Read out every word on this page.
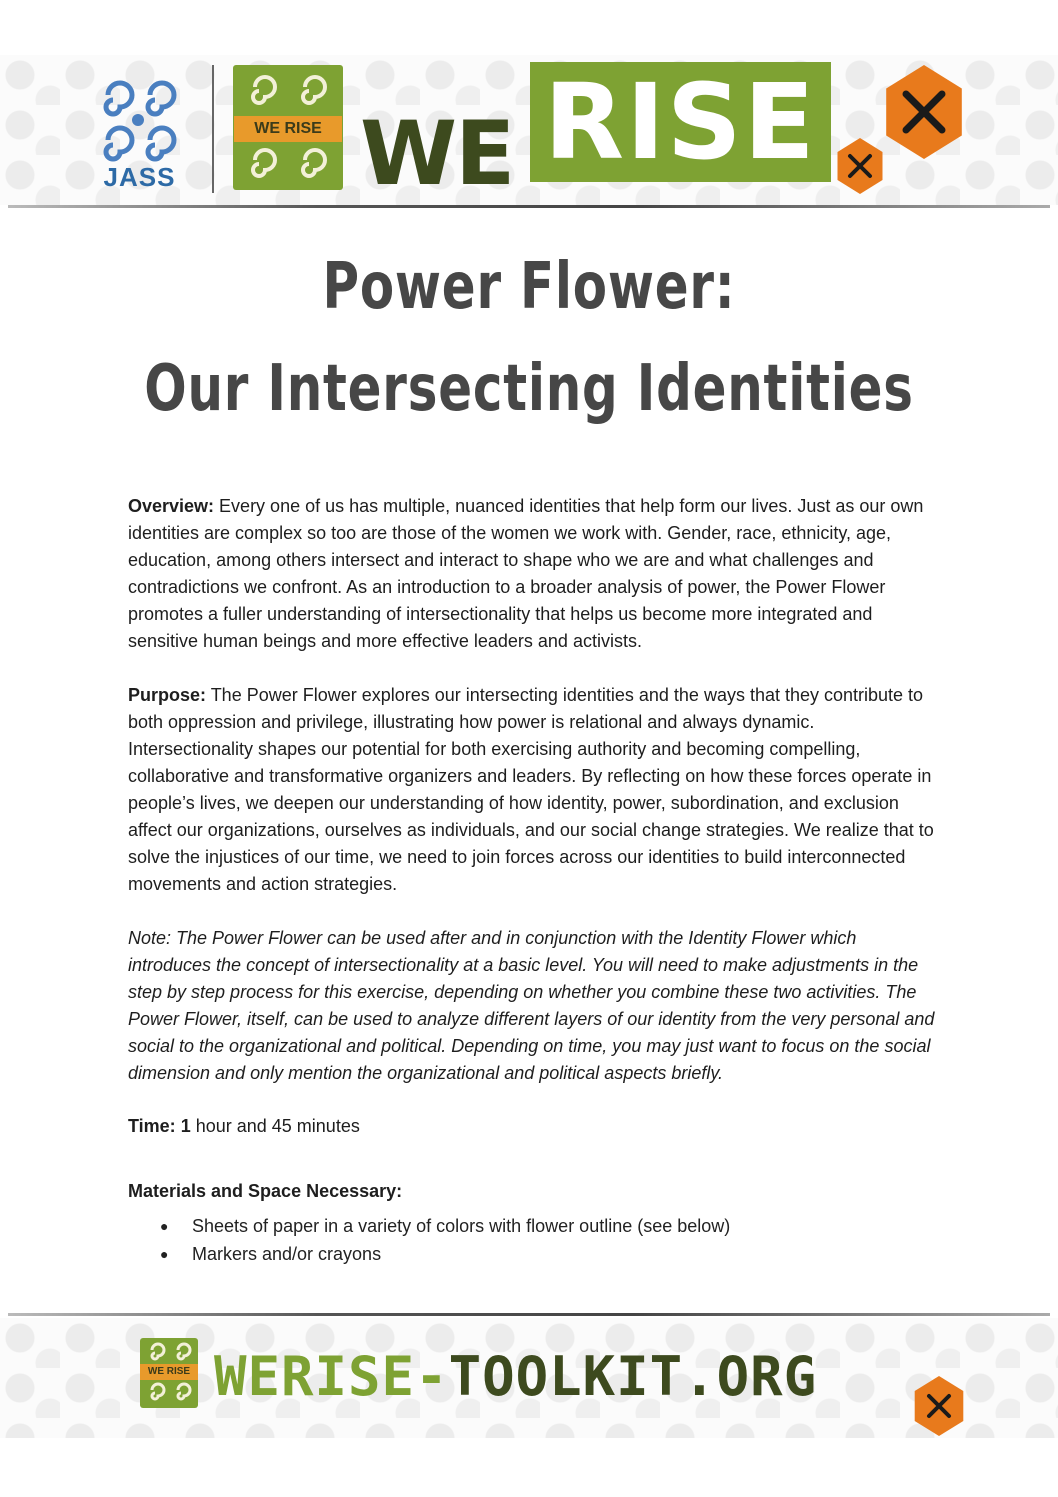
JASS
WE RISE WE RISE
Power Flower:
Our Intersecting Identities
Overview: Every one of us has multiple, nuanced identities that help form our lives. Just as our own identities are complex so too are those of the women we work with. Gender, race, ethnicity, age, education, among others intersect and interact to shape who we are and what challenges and contradictions we confront. As an introduction to a broader analysis of power, the Power Flower promotes a fuller understanding of intersectionality that helps us become more integrated and sensitive human beings and more effective leaders and activists.
Purpose: The Power Flower explores our intersecting identities and the ways that they contribute to both oppression and privilege, illustrating how power is relational and always dynamic. Intersectionality shapes our potential for both exercising authority and becoming compelling, collaborative and transformative organizers and leaders. By reflecting on how these forces operate in people’s lives, we deepen our understanding of how identity, power, subordination, and exclusion affect our organizations, ourselves as individuals, and our social change strategies. We realize that to solve the injustices of our time, we need to join forces across our identities to build interconnected movements and action strategies.
Note: The Power Flower can be used after and in conjunction with the Identity Flower which introduces the concept of intersectionality at a basic level. You will need to make adjustments in the step by step process for this exercise, depending on whether you combine these two activities. The Power Flower, itself, can be used to analyze different layers of our identity from the very personal and social to the organizational and political. Depending on time, you may just want to focus on the social dimension and only mention the organizational and political aspects briefly.
Time: 1 hour and 45 minutes
Materials and Space Necessary:
● Sheets of paper in a variety of colors with flower outline (see below)
● Markers and/or crayons
WE RISE WERISE-TOOLKIT.ORG
